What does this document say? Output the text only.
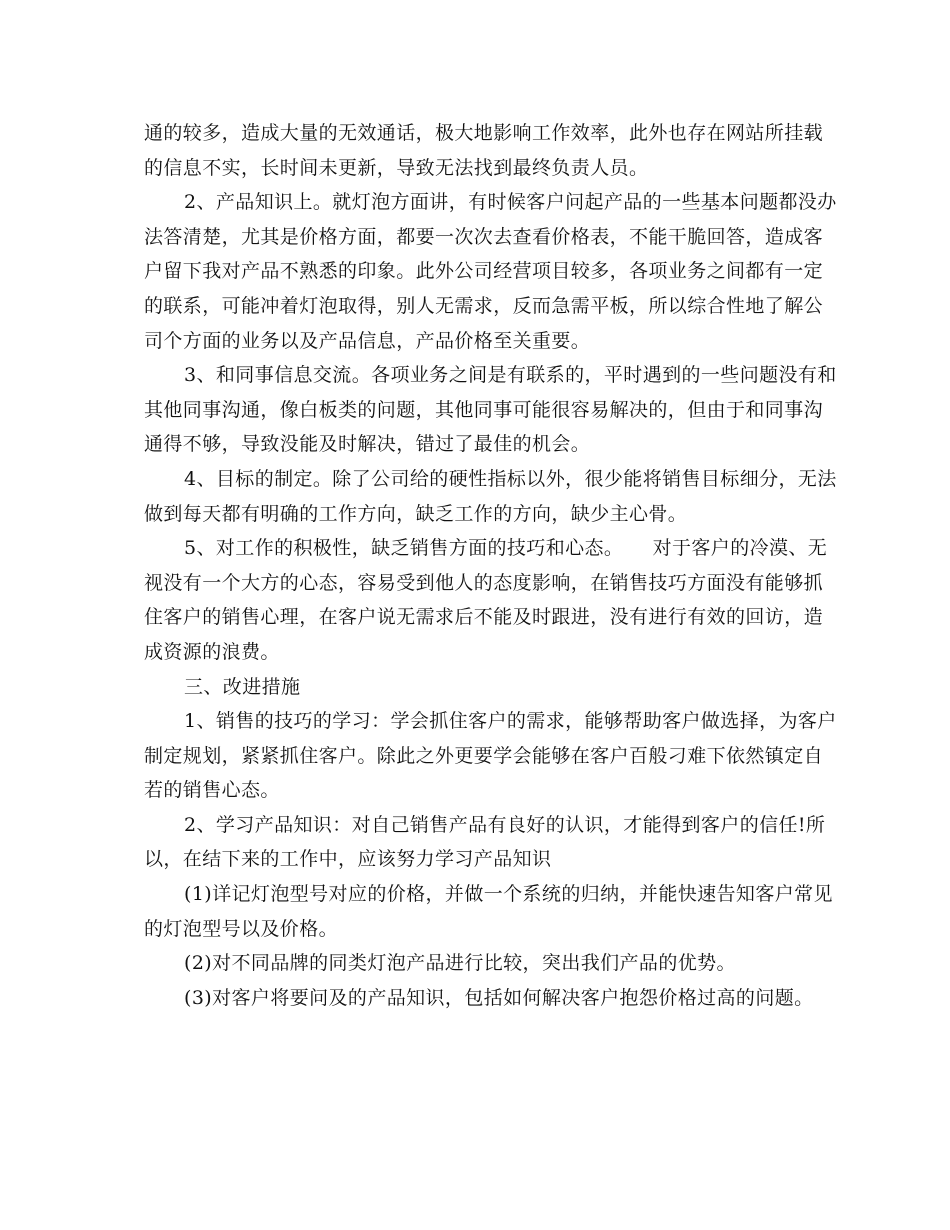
通的较多，造成大量的无效通话，极大地影响工作效率，此外也存在网站所挂载
的信息不实，长时间未更新，导致无法找到最终负责人员。
2、产品知识上。就灯泡方面讲，有时候客户问起产品的一些基本问题都没办
法答清楚，尤其是价格方面，都要一次次去查看价格表，不能干脆回答，造成客
户留下我对产品不熟悉的印象。此外公司经营项目较多，各项业务之间都有一定
的联系，可能冲着灯泡取得，别人无需求，反而急需平板，所以综合性地了解公
司个方面的业务以及产品信息，产品价格至关重要。
3、和同事信息交流。各项业务之间是有联系的，平时遇到的一些问题没有和
其他同事沟通，像白板类的问题，其他同事可能很容易解决的，但由于和同事沟
通得不够，导致没能及时解决，错过了最佳的机会。
4、目标的制定。除了公司给的硬性指标以外，很少能将销售目标细分，无法
做到每天都有明确的工作方向，缺乏工作的方向，缺少主心骨。
5、对工作的积极性，缺乏销售方面的技巧和心态。　　对于客户的冷漠、无
视没有一个大方的心态，容易受到他人的态度影响，在销售技巧方面没有能够抓
住客户的销售心理，在客户说无需求后不能及时跟进，没有进行有效的回访，造
成资源的浪费。
三、改进措施
1、销售的技巧的学习：学会抓住客户的需求，能够帮助客户做选择，为客户
制定规划，紧紧抓住客户。除此之外更要学会能够在客户百般刁难下依然镇定自
若的销售心态。
2、学习产品知识：对自己销售产品有良好的认识，才能得到客户的信任!所
以，在结下来的工作中，应该努力学习产品知识
(1)详记灯泡型号对应的价格，并做一个系统的归纳，并能快速告知客户常见
的灯泡型号以及价格。
(2)对不同品牌的同类灯泡产品进行比较，突出我们产品的优势。
(3)对客户将要问及的产品知识，包括如何解决客户抱怨价格过高的问题。
